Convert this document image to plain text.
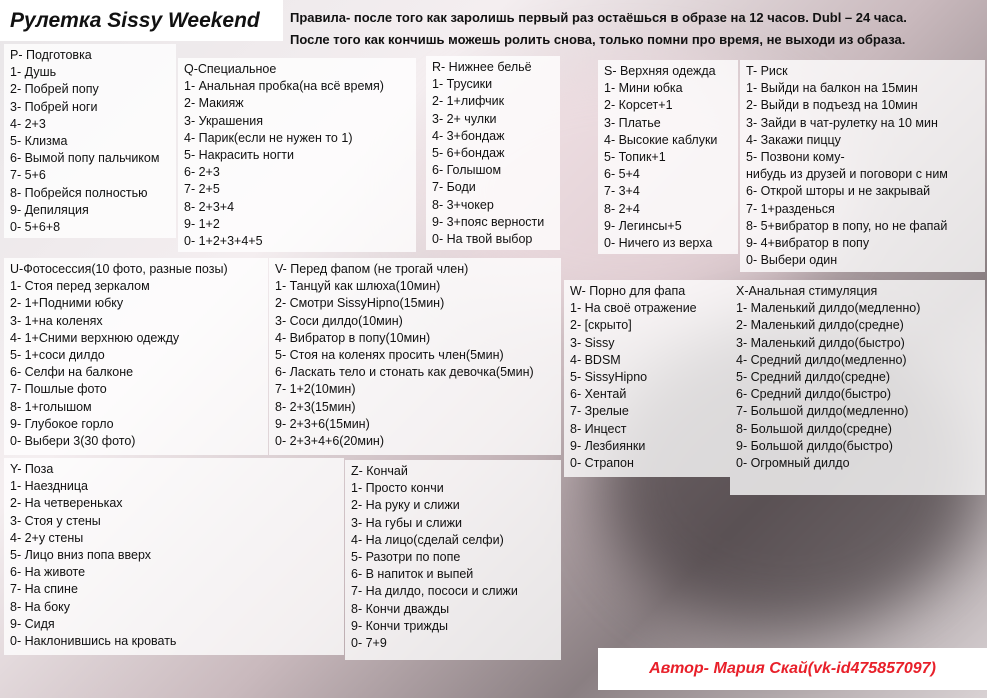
P- Подготовка
1- Душь
2- Побрей попу
3- Побрей ноги
4- 2+3
5- Клизма
6- Вымой попу пальчиком
7- 5+6
8- Побрейся полностью
9- Депиляция
0- 5+6+8
Q-Специальное
1- Анальная пробка(на всё время)
2- Макияж
3- Украшения
4- Парик(если не нужен то 1)
5- Накрасить ногти
6- 2+3
7- 2+5
8- 2+3+4
9- 1+2
0- 1+2+3+4+5
R- Нижнее бельё
1- Трусики
2- 1+лифчик
3- 2+ чулки
4- 3+бондаж
5- 6+бондаж
6- Голышом
7- Боди
8- 3+чокер
9- 3+пояс верности
0- На твой выбор
S- Верхняя одежда
1- Мини юбка
2- Корсет+1
3- Платье
4- Высокие каблуки
5- Топик+1
6- 5+4
7- 3+4
8- 2+4
9- Легинсы+5
0- Ничего из верха
T- Риск
1- Выйди на балкон на 15мин
2- Выйди в подъезд на 10мин
3- Зайди в чат-рулетку на 10 мин
4- Закажи пиццу
5- Позвони кому-
нибудь из друзей и поговори с ним
6- Открой шторы и не закрывай
7- 1+разденься
8- 5+вибратор в попу, но не фапай
9- 4+вибратор в попу
0- Выбери один
U-Фотосессия(10 фото, разные позы)
1- Стоя перед зеркалом
2- 1+Подними юбку
3- 1+на коленях
4- 1+Сними верхнюю одежду
5- 1+соси дилдо
6- Селфи на балконе
7- Пошлые фото
8- 1+голышом
9- Глубокое горло
0- Выбери 3(30 фото)
V- Перед фапом (не трогай член)
1- Танцуй как шлюха(10мин)
2- Смотри SissyHipno(15мин)
3- Соси дилдо(10мин)
4- Вибратор в попу(10мин)
5- Стоя на коленях просить член(5мин)
6- Ласкать тело и стонать как девочка(5мин)
7- 1+2(10мин)
8- 2+3(15мин)
9- 2+3+6(15мин)
0- 2+3+4+6(20мин)
W- Порно для фапа
1- На своё отражение
2- [скрыто]
3- Sissy
4- BDSM
5- SissyHipno
6- Хентай
7- Зрелые
8- Инцест
9- Лезбиянки
0- Страпон
X-Анальная стимуляция
1- Маленький дилдо(медленно)
2- Маленький дилдо(средне)
3- Маленький дилдо(быстро)
4- Средний дилдо(медленно)
5- Средний дилдо(средне)
6- Средний дилдо(быстро)
7- Большой дилдо(медленно)
8- Большой дилдо(средне)
9- Большой дилдо(быстро)
0- Огромный дилдо
Y- Поза
1- Наездница
2- На четвереньках
3- Стоя у стены
4- 2+у стены
5- Лицо вниз попа вверх
6- На животе
7- На спине
8- На боку
9- Сидя
0- Наклонившись на кровать
Z- Кончай
1- Просто кончи
2- На руку и слижи
3- На губы и слижи
4- На лицо(сделай селфи)
5- Разотри по попе
6- В напиток и выпей
7- На дилдо, пососи и слижи
8- Кончи дважды
9- Кончи трижды
0- 7+9
Рулетка Sissy Weekend	Правила- после того как заролишь первый раз остаёшься в образе на 12 часов. Dubl – 24 часа.
После того как кончишь можешь ролить снова, только помни про время, не выходи из образа.
Автор- Мария Скай(vk-id475857097)
